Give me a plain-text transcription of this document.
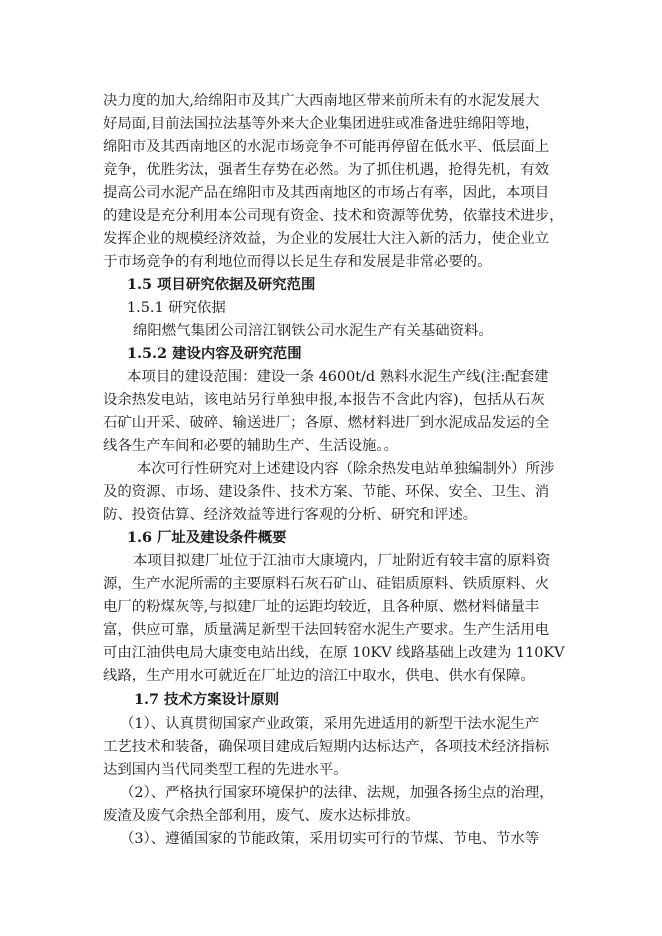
决力度的加大,给绵阳市及其广大西南地区带来前所未有的水泥发展大
好局面,目前法国拉法基等外来大企业集团进驻或准备进驻绵阳等地，
绵阳市及其西南地区的水泥市场竞争不可能再停留在低水平、低层面上
竞争，优胜劣汰，强者生存势在必然。为了抓住机遇，抢得先机，有效
提高公司水泥产品在绵阳市及其西南地区的市场占有率，因此，本项目
的建设是充分利用本公司现有资金、技术和资源等优势，依靠技术进步，
发挥企业的规模经济效益，为企业的发展壮大注入新的活力，使企业立
于市场竞争的有利地位而得以长足生存和发展是非常必要的。
1.5 项目研究依据及研究范围
1.5.1 研究依据
绵阳燃气集团公司涪江钢铁公司水泥生产有关基础资料。
1.5.2 建设内容及研究范围
本项目的建设范围：建设一条 4600t/d 熟料水泥生产线(注:配套建
设余热发电站，该电站另行单独申报,本报告不含此内容)，包括从石灰
石矿山开采、破碎、输送进厂；各原、燃材料进厂到水泥成品发运的全
线各生产车间和必要的辅助生产、生活设施。。
本次可行性研究对上述建设内容（除余热发电站单独编制外）所涉
及的资源、市场、建设条件、技术方案、节能、环保、安全、卫生、消
防、投资估算、经济效益等进行客观的分析、研究和评述。
1.6 厂址及建设条件概要
本项目拟建厂址位于江油市大康境内，厂址附近有较丰富的原料资
源，生产水泥所需的主要原料石灰石矿山、硅铝质原料、铁质原料、火
电厂的粉煤灰等,与拟建厂址的运距均较近，且各种原、燃材料储量丰
富，供应可靠，质量满足新型干法回转窑水泥生产要求。生产生活用电
可由江油供电局大康变电站出线，在原 10KV 线路基础上改建为 110KV
线路，生产用水可就近在厂址边的涪江中取水，供电、供水有保障。
1.7 技术方案设计原则
（1）、认真贯彻国家产业政策，采用先进适用的新型干法水泥生产
工艺技术和装备，确保项目建成后短期内达标达产，各项技术经济指标
达到国内当代同类型工程的先进水平。
（2）、严格执行国家环境保护的法律、法规，加强各扬尘点的治理，
废渣及废气余热全部利用，废气、废水达标排放。
（3）、遵循国家的节能政策，采用切实可行的节煤、节电、节水等
